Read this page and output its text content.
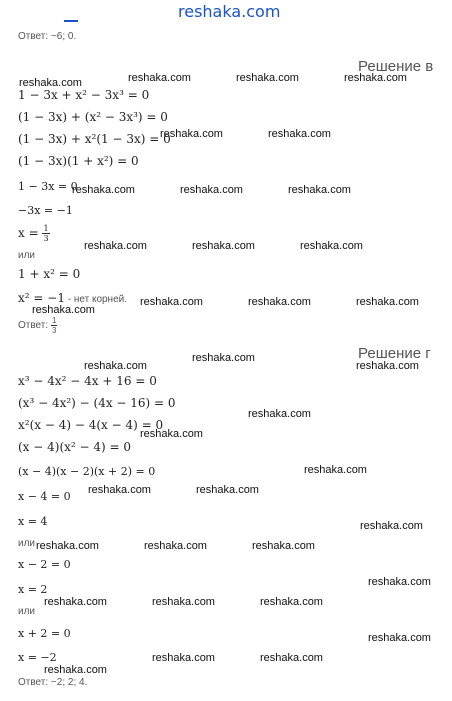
reshaka.com
Ответ: −6; 0.
Решение в
1 − 3x + x² − 3x³ = 0
(1 − 3x) + (x² − 3x³) = 0
(1 − 3x) + x²(1 − 3x) = 0
(1 − 3x)(1 + x²) = 0
1 − 3x = 0
−3x = −1
$x = \frac{1}{3}$
или
1 + x² = 0
x² = −1 - нет корней.
Ответ: $\frac{1}{3}$
Решение г
x³ − 4x² − 4x + 16 = 0
(x³ − 4x²) − (4x − 16) = 0
x²(x − 4) − 4(x − 4) = 0
(x − 4)(x² − 4) = 0
(x − 4)(x − 2)(x + 2) = 0
x − 4 = 0
x = 4
или
x − 2 = 0
x = 2
или
x + 2 = 0
x = −2
Ответ: −2; 2; 4.
reshaka.com	reshaka.com	reshaka.com	reshaka.com
reshaka.com	reshaka.com
reshaka.com	reshaka.com	reshaka.com
reshaka.com	reshaka.com	reshaka.com
reshaka.com	reshaka.com	reshaka.com
reshaka.com
reshaka.com
reshaka.com
reshaka.com
reshaka.com
reshaka.com
reshaka.com
reshaka.com	reshaka.com
reshaka.com
reshaka.com	reshaka.com	reshaka.com
reshaka.com
reshaka.com	reshaka.com	reshaka.com
reshaka.com
reshaka.com	reshaka.com
reshaka.com
